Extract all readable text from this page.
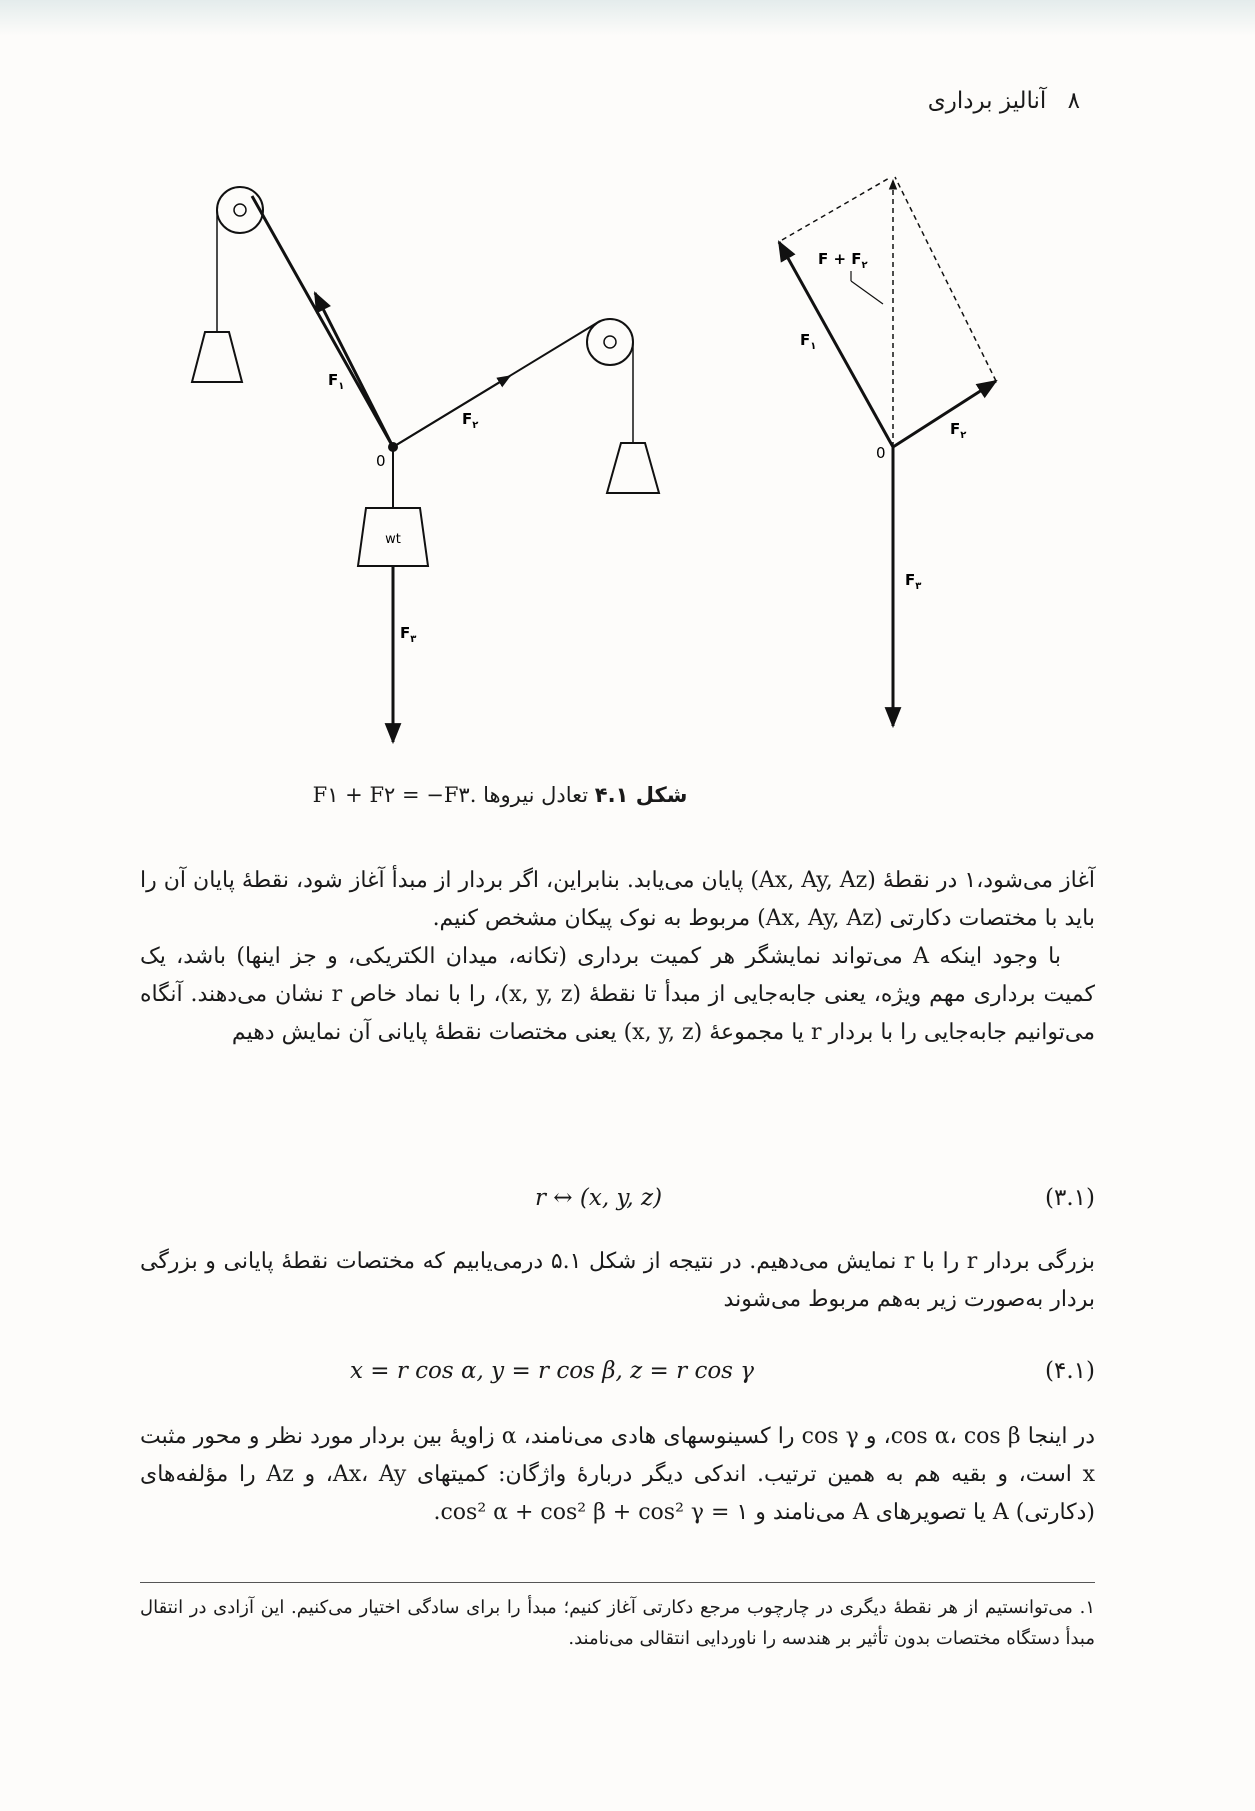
۸ آنالیز برداری
$F_۱$
$F_۲$
$F_۳$
0
wt
$F + F_۲$
$F_۱$
$F_۲$
$F_۳$
0
شکل ۴.۱ تعادل نیروها F۱ + F۲ = −F۳.

آغاز می‌شود،۱ در نقطهٔ (Ax, Ay, Az) پایان می‌یابد. بنابراین، اگر بردار از مبدأ آغاز شود، نقطهٔ پایان آن را باید با مختصات دکارتی (Ax, Ay, Az) مربوط به نوک پیکان مشخص کنیم.

با وجود اینکه A می‌تواند نمایشگر هر کمیت برداری (تکانه، میدان الکتریکی، و جز اینها) باشد، یک کمیت برداری مهم ویژه، یعنی جابه‌جایی از مبدأ تا نقطهٔ (x, y, z)، را با نماد خاص r نشان می‌دهند. آنگاه می‌توانیم جابه‌جایی را با بردار r یا مجموعهٔ (x, y, z) یعنی مختصات نقطهٔ پایانی آن نمایش دهیم

r ↔ (x, y, z)	(۳.۱)

بزرگی بردار r را با r نمایش می‌دهیم. در نتیجه از شکل ۵.۱ درمی‌یابیم که مختصات نقطهٔ پایانی و بزرگی بردار به‌صورت زیر به‌هم مربوط می‌شوند

x = r cos α, y = r cos β, z = r cos γ	(۴.۱)

در اینجا cos α، cos β، و cos γ را کسینوسهای هادی می‌نامند، α زاویهٔ بین بردار مورد نظر و محور مثبت x است، و بقیه هم به همین ترتیب. اندکی دیگر دربارهٔ واژگان: کمیتهای Ax، Ay، و Az را مؤلفه‌های (دکارتی) A یا تصویرهای A می‌نامند و cos² α + cos² β + cos² γ = ۱.

۱. می‌توانستیم از هر نقطهٔ دیگری در چارچوب مرجع دکارتی آغاز کنیم؛ مبدأ را برای سادگی اختیار می‌کنیم. این آزادی در انتقال مبدأ دستگاه مختصات بدون تأثیر بر هندسه را ناوردایی انتقالی می‌نامند.
